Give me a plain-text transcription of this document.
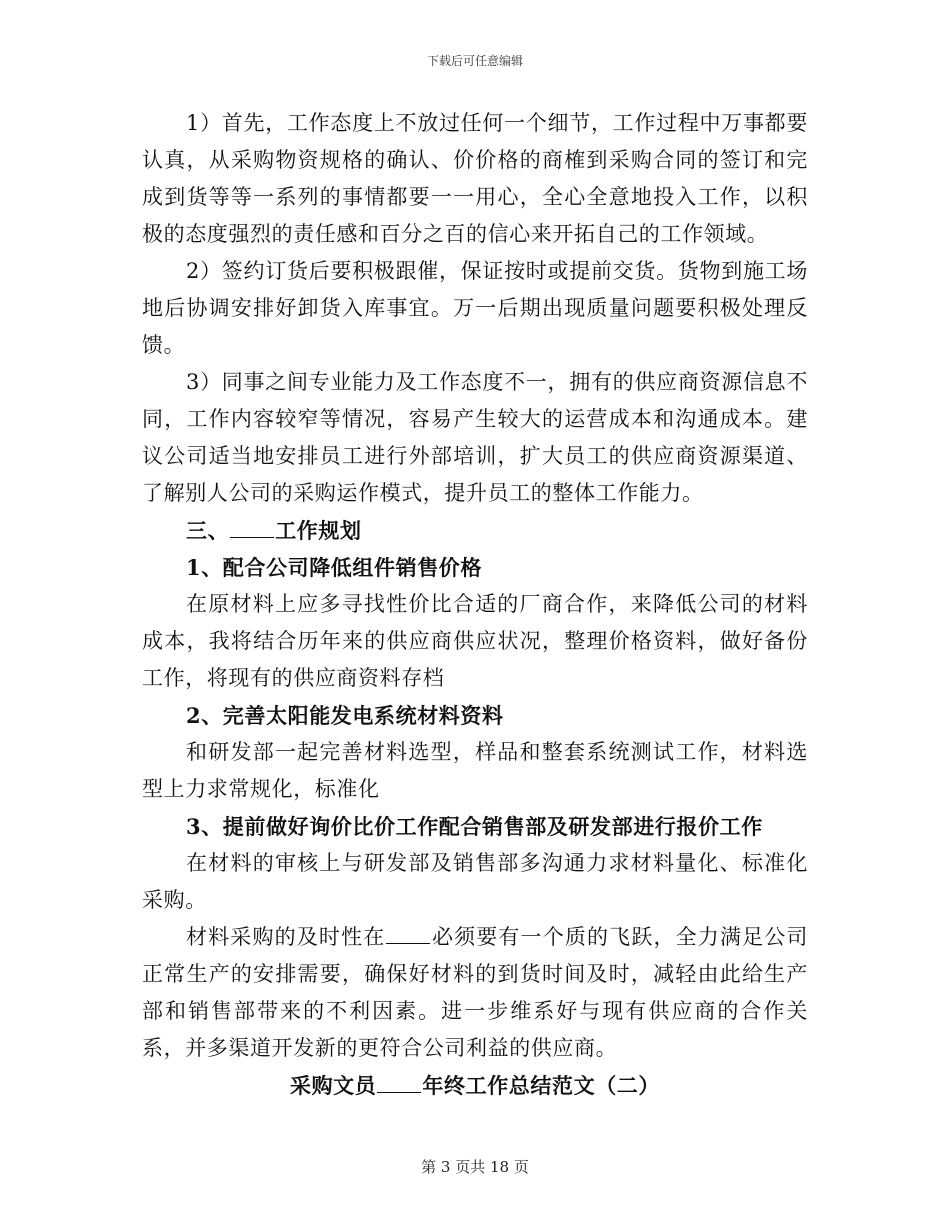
下载后可任意编辑

1）首先，工作态度上不放过任何一个细节，工作过程中万事都要认真，从采购物资规格的确认、价价格的商榷到采购合同的签订和完成到货等等一系列的事情都要一一用心，全心全意地投入工作，以积极的态度强烈的责任感和百分之百的信心来开拓自己的工作领域。

2）签约订货后要积极跟催，保证按时或提前交货。货物到施工场地后协调安排好卸货入库事宜。万一后期出现质量问题要积极处理反馈。

3）同事之间专业能力及工作态度不一，拥有的供应商资源信息不同，工作内容较窄等情况，容易产生较大的运营成本和沟通成本。建议公司适当地安排员工进行外部培训，扩大员工的供应商资源渠道、了解别人公司的采购运作模式，提升员工的整体工作能力。

三、 工作规划

1、配合公司降低组件销售价格

在原材料上应多寻找性价比合适的厂商合作，来降低公司的材料成本，我将结合历年来的供应商供应状况，整理价格资料，做好备份工作，将现有的供应商资料存档

2、完善太阳能发电系统材料资料

和研发部一起完善材料选型，样品和整套系统测试工作，材料选型上力求常规化，标准化

3、提前做好询价比价工作配合销售部及研发部进行报价工作

在材料的审核上与研发部及销售部多沟通力求材料量化、标准化采购。

材料采购的及时性在 必须要有一个质的飞跃，全力满足公司正常生产的安排需要，确保好材料的到货时间及时，减轻由此给生产部和销售部带来的不利因素。进一步维系好与现有供应商的合作关系，并多渠道开发新的更符合公司利益的供应商。

采购文员 年终工作总结范文（二）

第 3 页共 18 页
